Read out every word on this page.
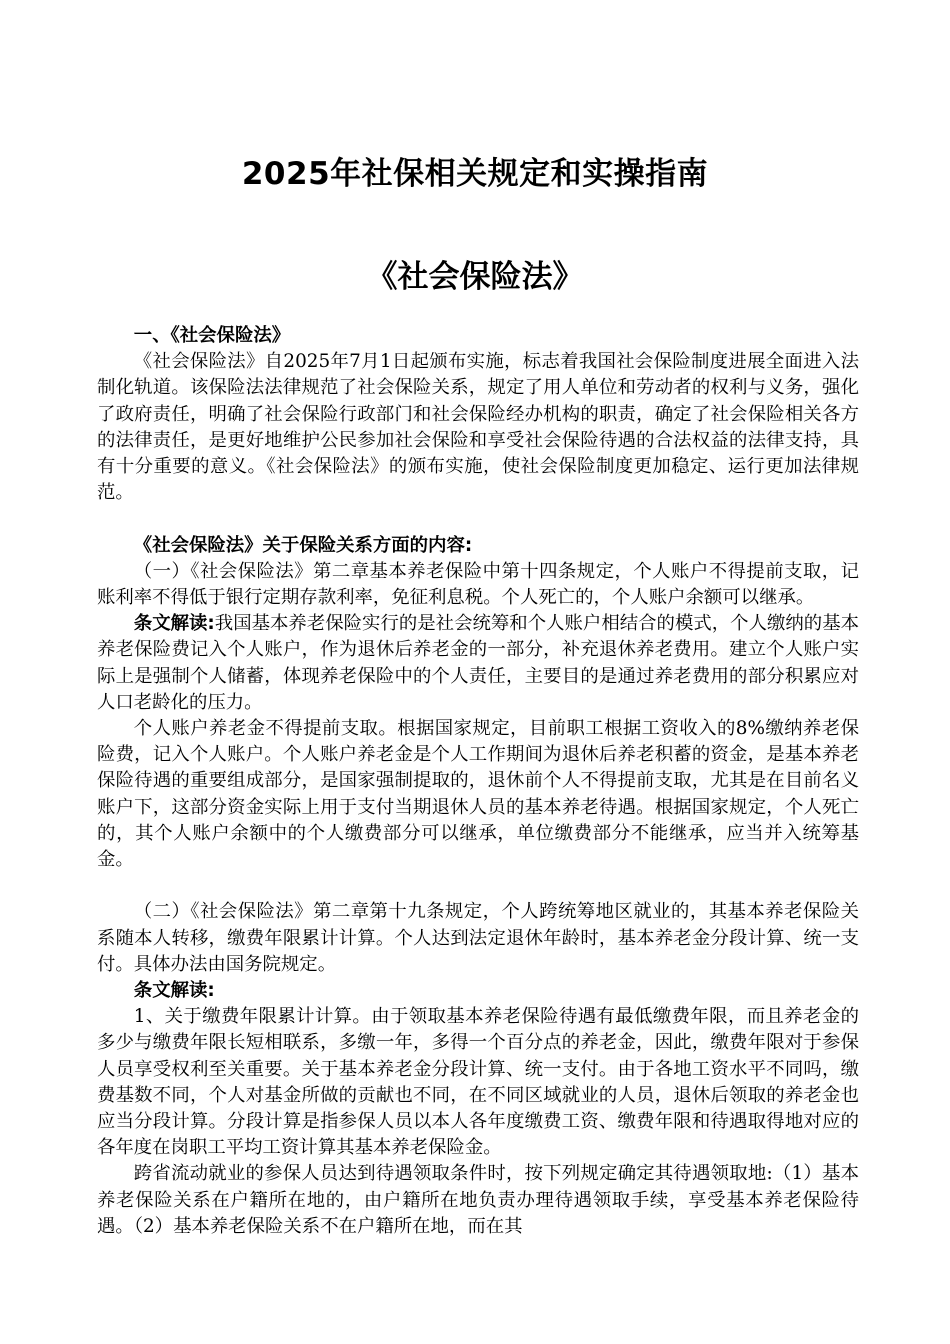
2025年社保相关规定和实操指南
《社会保险法》

一、《社会保险法》

《社会保险法》自2025年7月1日起颁布实施，标志着我国社会保险制度进展全面进入法制化轨道。该保险法法律规范了社会保险关系，规定了用人单位和劳动者的权利与义务，强化了政府责任，明确了社会保险行政部门和社会保险经办机构的职责，确定了社会保险相关各方的法律责任，是更好地维护公民参加社会保险和享受社会保险待遇的合法权益的法律支持，具有十分重要的意义。《社会保险法》的颁布实施，使社会保险制度更加稳定、运行更加法律规范。

《社会保险法》关于保险关系方面的内容:

（一）《社会保险法》第二章基本养老保险中第十四条规定，个人账户不得提前支取，记账利率不得低于银行定期存款利率，免征利息税。个人死亡的，个人账户余额可以继承。

条文解读:我国基本养老保险实行的是社会统筹和个人账户相结合的模式，个人缴纳的基本养老保险费记入个人账户，作为退休后养老金的一部分，补充退休养老费用。建立个人账户实际上是强制个人储蓄，体现养老保险中的个人责任，主要目的是通过养老费用的部分积累应对人口老龄化的压力。

个人账户养老金不得提前支取。根据国家规定，目前职工根据工资收入的8%缴纳养老保险费，记入个人账户。个人账户养老金是个人工作期间为退休后养老积蓄的资金，是基本养老保险待遇的重要组成部分，是国家强制提取的，退休前个人不得提前支取，尤其是在目前名义账户下，这部分资金实际上用于支付当期退休人员的基本养老待遇。根据国家规定，个人死亡的，其个人账户余额中的个人缴费部分可以继承，单位缴费部分不能继承，应当并入统筹基金。

（二）《社会保险法》第二章第十九条规定，个人跨统筹地区就业的，其基本养老保险关系随本人转移，缴费年限累计计算。个人达到法定退休年龄时，基本养老金分段计算、统一支付。具体办法由国务院规定。

条文解读:

1、关于缴费年限累计计算。由于领取基本养老保险待遇有最低缴费年限，而且养老金的多少与缴费年限长短相联系，多缴一年，多得一个百分点的养老金，因此，缴费年限对于参保人员享受权利至关重要。关于基本养老金分段计算、统一支付。由于各地工资水平不同吗，缴费基数不同，个人对基金所做的贡献也不同，在不同区域就业的人员，退休后领取的养老金也应当分段计算。分段计算是指参保人员以本人各年度缴费工资、缴费年限和待遇取得地对应的各年度在岗职工平均工资计算其基本养老保险金。

跨省流动就业的参保人员达到待遇领取条件时，按下列规定确定其待遇领取地:（1）基本养老保险关系在户籍所在地的，由户籍所在地负责办理待遇领取手续，享受基本养老保险待遇。（2）基本养老保险关系不在户籍所在地，而在其
